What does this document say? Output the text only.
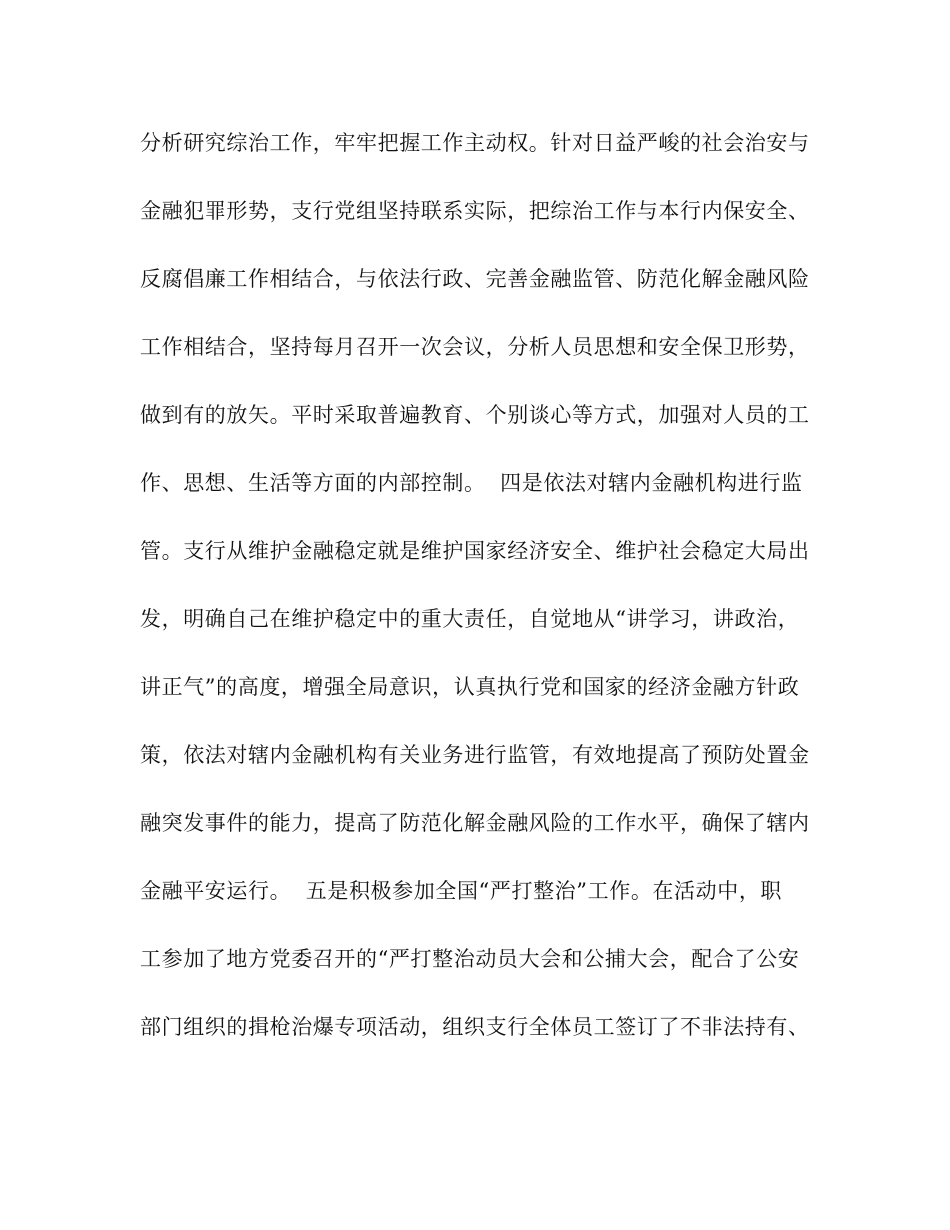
分析研究综治工作，牢牢把握工作主动权。针对日益严峻的社会治安与
金融犯罪形势，支行党组坚持联系实际，把综治工作与本行内保安全、
反腐倡廉工作相结合，与依法行政、完善金融监管、防范化解金融风险
工作相结合，坚持每月召开一次会议，分析人员思想和安全保卫形势，
做到有的放矢。平时采取普遍教育、个别谈心等方式，加强对人员的工
作、思想、生活等方面的内部控制。  四是依法对辖内金融机构进行监
管。支行从维护金融稳定就是维护国家经济安全、维护社会稳定大局出
发，明确自己在维护稳定中的重大责任，自觉地从“讲学习，讲政治，
讲正气”的高度，增强全局意识，认真执行党和国家的经济金融方针政
策，依法对辖内金融机构有关业务进行监管，有效地提高了预防处置金
融突发事件的能力，提高了防范化解金融风险的工作水平，确保了辖内
金融平安运行。  五是积极参加全国“严打整治”工作。在活动中，职
工参加了地方党委召开的“严打整治动员大会和公捕大会，配合了公安
部门组织的揖枪治爆专项活动，组织支行全体员工签订了不非法持有、
